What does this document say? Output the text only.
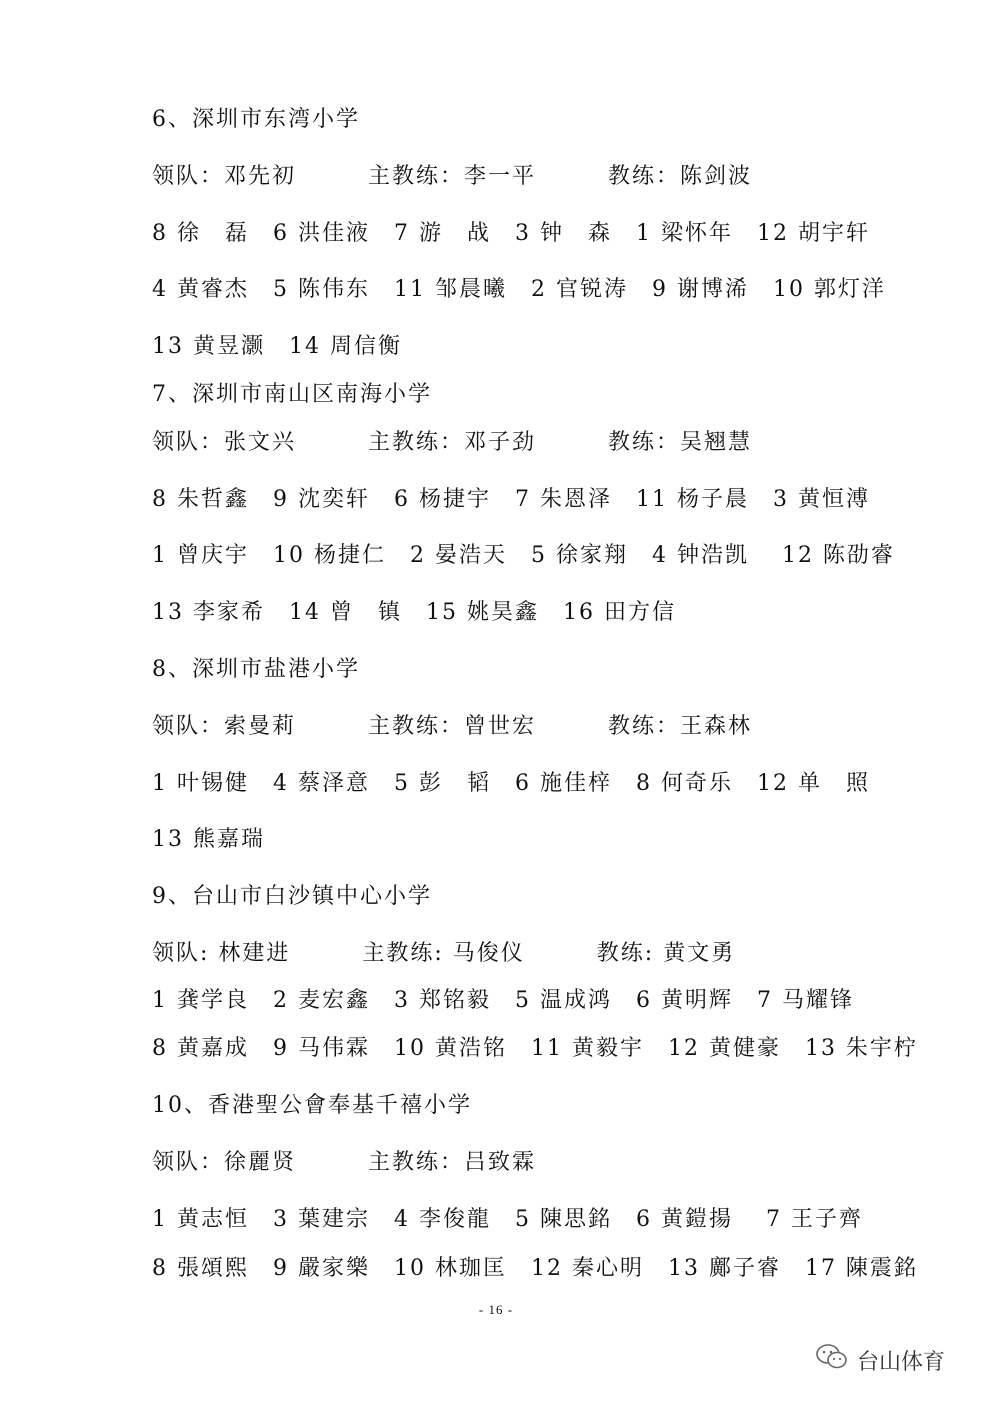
6、深圳市东湾小学
领队：邓先初　　　主教练：李一平　　　教练：陈剑波
8 徐　磊　6 洪佳液　7 游　战　3 钟　森　1 梁怀年　12 胡宇轩
4 黄睿杰　5 陈伟东　11 邹晨曦　2 官锐涛　9 谢博浠　10 郭灯洋
13 黄昱灏　14 周信衡
7、深圳市南山区南海小学
领队：张文兴　　　主教练：邓子劲　　　教练：吴翘慧
8 朱哲鑫　9 沈奕轩　6 杨捷宇　7 朱恩泽　11 杨子晨　3 黄恒溥
1 曾庆宇　10 杨捷仁　2 晏浩天　5 徐家翔　4 钟浩凯　 12 陈劭睿
13 李家希　14 曾　镇　15 姚昊鑫　16 田方信
8、深圳市盐港小学
领队：索曼莉　　　主教练：曾世宏　　　教练：王森林
1 叶锡健　4 蔡泽意　5 彭　韬　6 施佳梓　8 何奇乐　12 单　照
13 熊嘉瑞
9、台山市白沙镇中心小学
领队: 林建进　　　主教练: 马俊仪　　　教练: 黄文勇
1 龚学良　2 麦宏鑫　3 郑铭毅　5 温成鸿　6 黄明辉　7 马耀锋
8 黄嘉成　9 马伟霖　10 黄浩铭　11 黄毅宇　12 黄健豪　13 朱宇柠
10、香港聖公會奉基千禧小学
领队：徐麗贤　　　主教练：吕致霖
1 黄志恒　3 葉建宗　4 李俊龍　5 陳思銘　6 黄鎧揚　 7 王子齊
8 張頌熙　9 嚴家樂　10 林珈匡　12 秦心明　13 鄺子睿　17 陳震銘
- 16 -
台山体育
